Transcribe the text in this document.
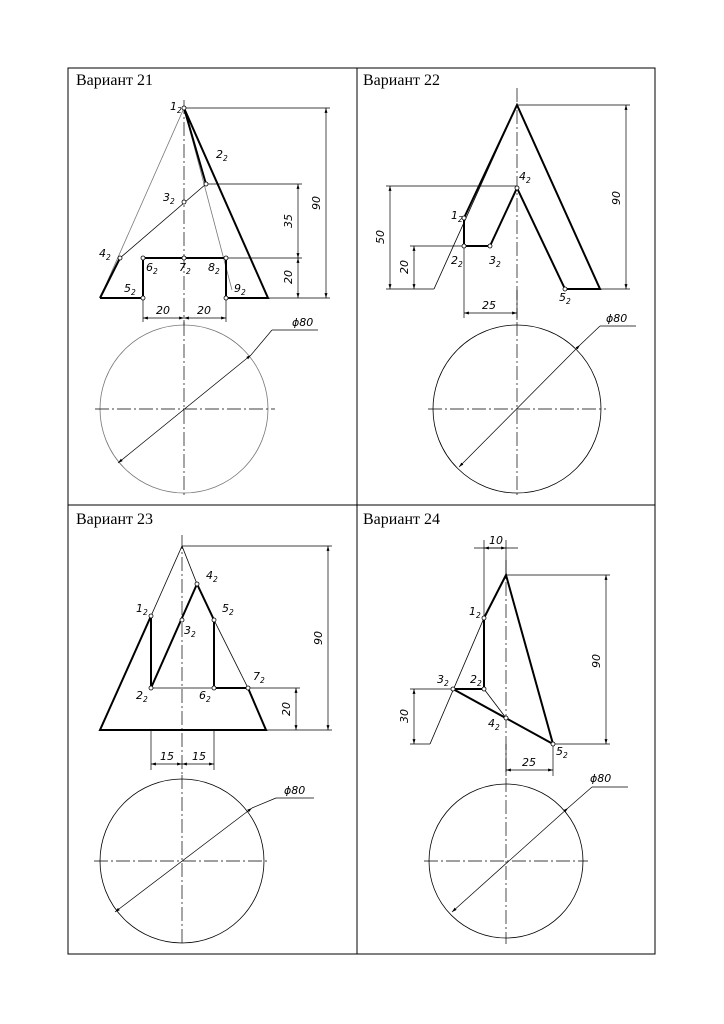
Вариант 21	Вариант 22
Вариант 23	Вариант 24
$1_2$
$2_2$
$3_2$
$4_2$
$5_2$
$6_2$ $7_2$ $8_2$
$9_2$
90
35
20
20 20
ϕ80
$1_2$
$2_2$ $3_2$
$4_2$
$5_2$
90
50
20
25
ϕ80
$1_2$
$2_2$
$3_2$
$4_2$
$5_2$
$6_2$
$7_2$
90
20
15 15
ϕ80
$1_2$
$2_2$
$3_2$
$4_2$
$5_2$
10
90
30
25
ϕ80
